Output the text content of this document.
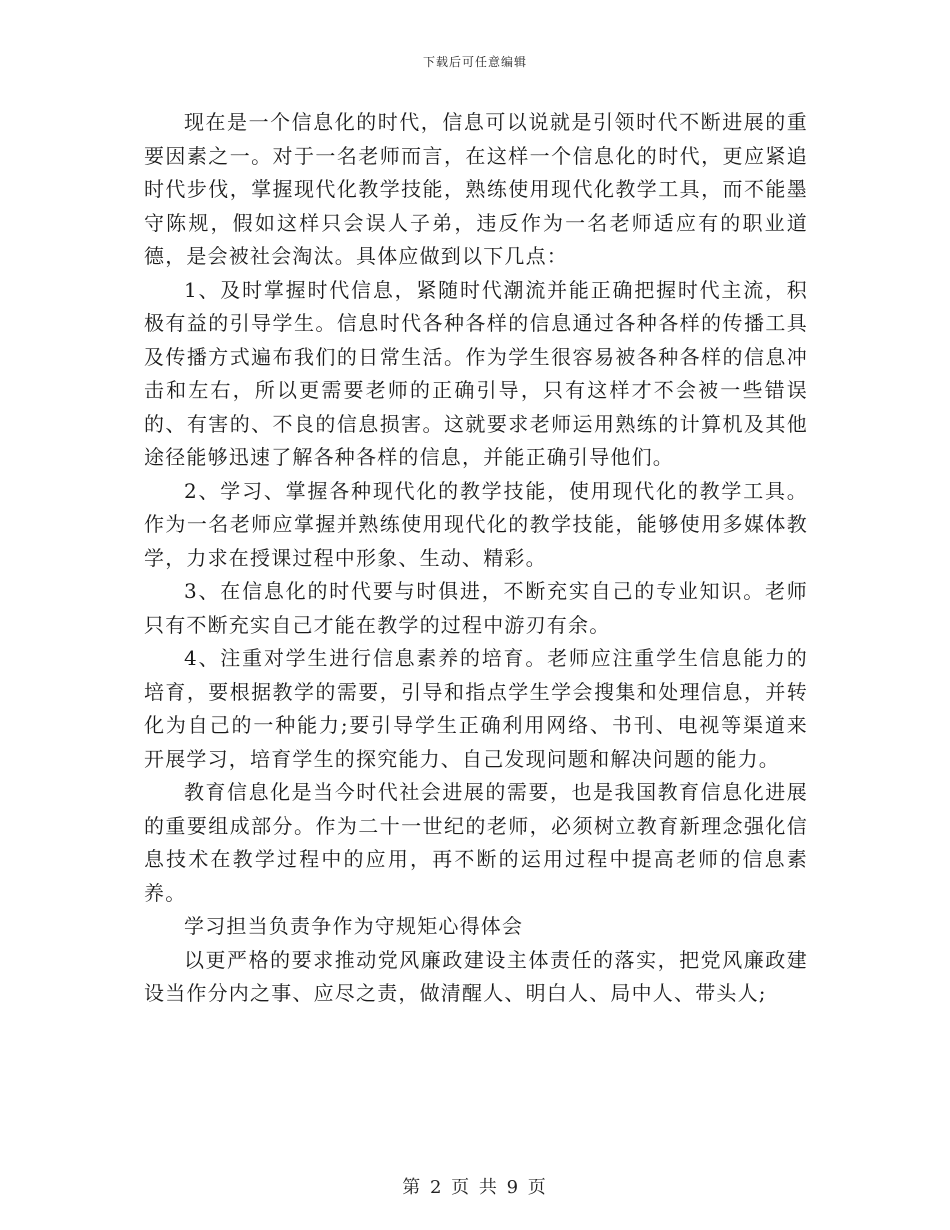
下载后可任意编辑

现在是一个信息化的时代，信息可以说就是引领时代不断进展的重要因素之一。对于一名老师而言，在这样一个信息化的时代，更应紧追时代步伐，掌握现代化教学技能，熟练使用现代化教学工具，而不能墨守陈规，假如这样只会误人子弟，违反作为一名老师适应有的职业道德，是会被社会淘汰。具体应做到以下几点：

1、及时掌握时代信息，紧随时代潮流并能正确把握时代主流，积极有益的引导学生。信息时代各种各样的信息通过各种各样的传播工具及传播方式遍布我们的日常生活。作为学生很容易被各种各样的信息冲击和左右，所以更需要老师的正确引导，只有这样才不会被一些错误的、有害的、不良的信息损害。这就要求老师运用熟练的计算机及其他途径能够迅速了解各种各样的信息，并能正确引导他们。

2、学习、掌握各种现代化的教学技能，使用现代化的教学工具。作为一名老师应掌握并熟练使用现代化的教学技能，能够使用多媒体教学，力求在授课过程中形象、生动、精彩。

3、在信息化的时代要与时俱进，不断充实自己的专业知识。老师只有不断充实自己才能在教学的过程中游刃有余。

4、注重对学生进行信息素养的培育。老师应注重学生信息能力的培育，要根据教学的需要，引导和指点学生学会搜集和处理信息，并转化为自己的一种能力;要引导学生正确利用网络、书刊、电视等渠道来开展学习，培育学生的探究能力、自己发现问题和解决问题的能力。

教育信息化是当今时代社会进展的需要，也是我国教育信息化进展的重要组成部分。作为二十一世纪的老师，必须树立教育新理念强化信息技术在教学过程中的应用，再不断的运用过程中提高老师的信息素养。

学习担当负责争作为守规矩心得体会

以更严格的要求推动党风廉政建设主体责任的落实，把党风廉政建设当作分内之事、应尽之责，做清醒人、明白人、局中人、带头人;

第 2 页 共 9 页
